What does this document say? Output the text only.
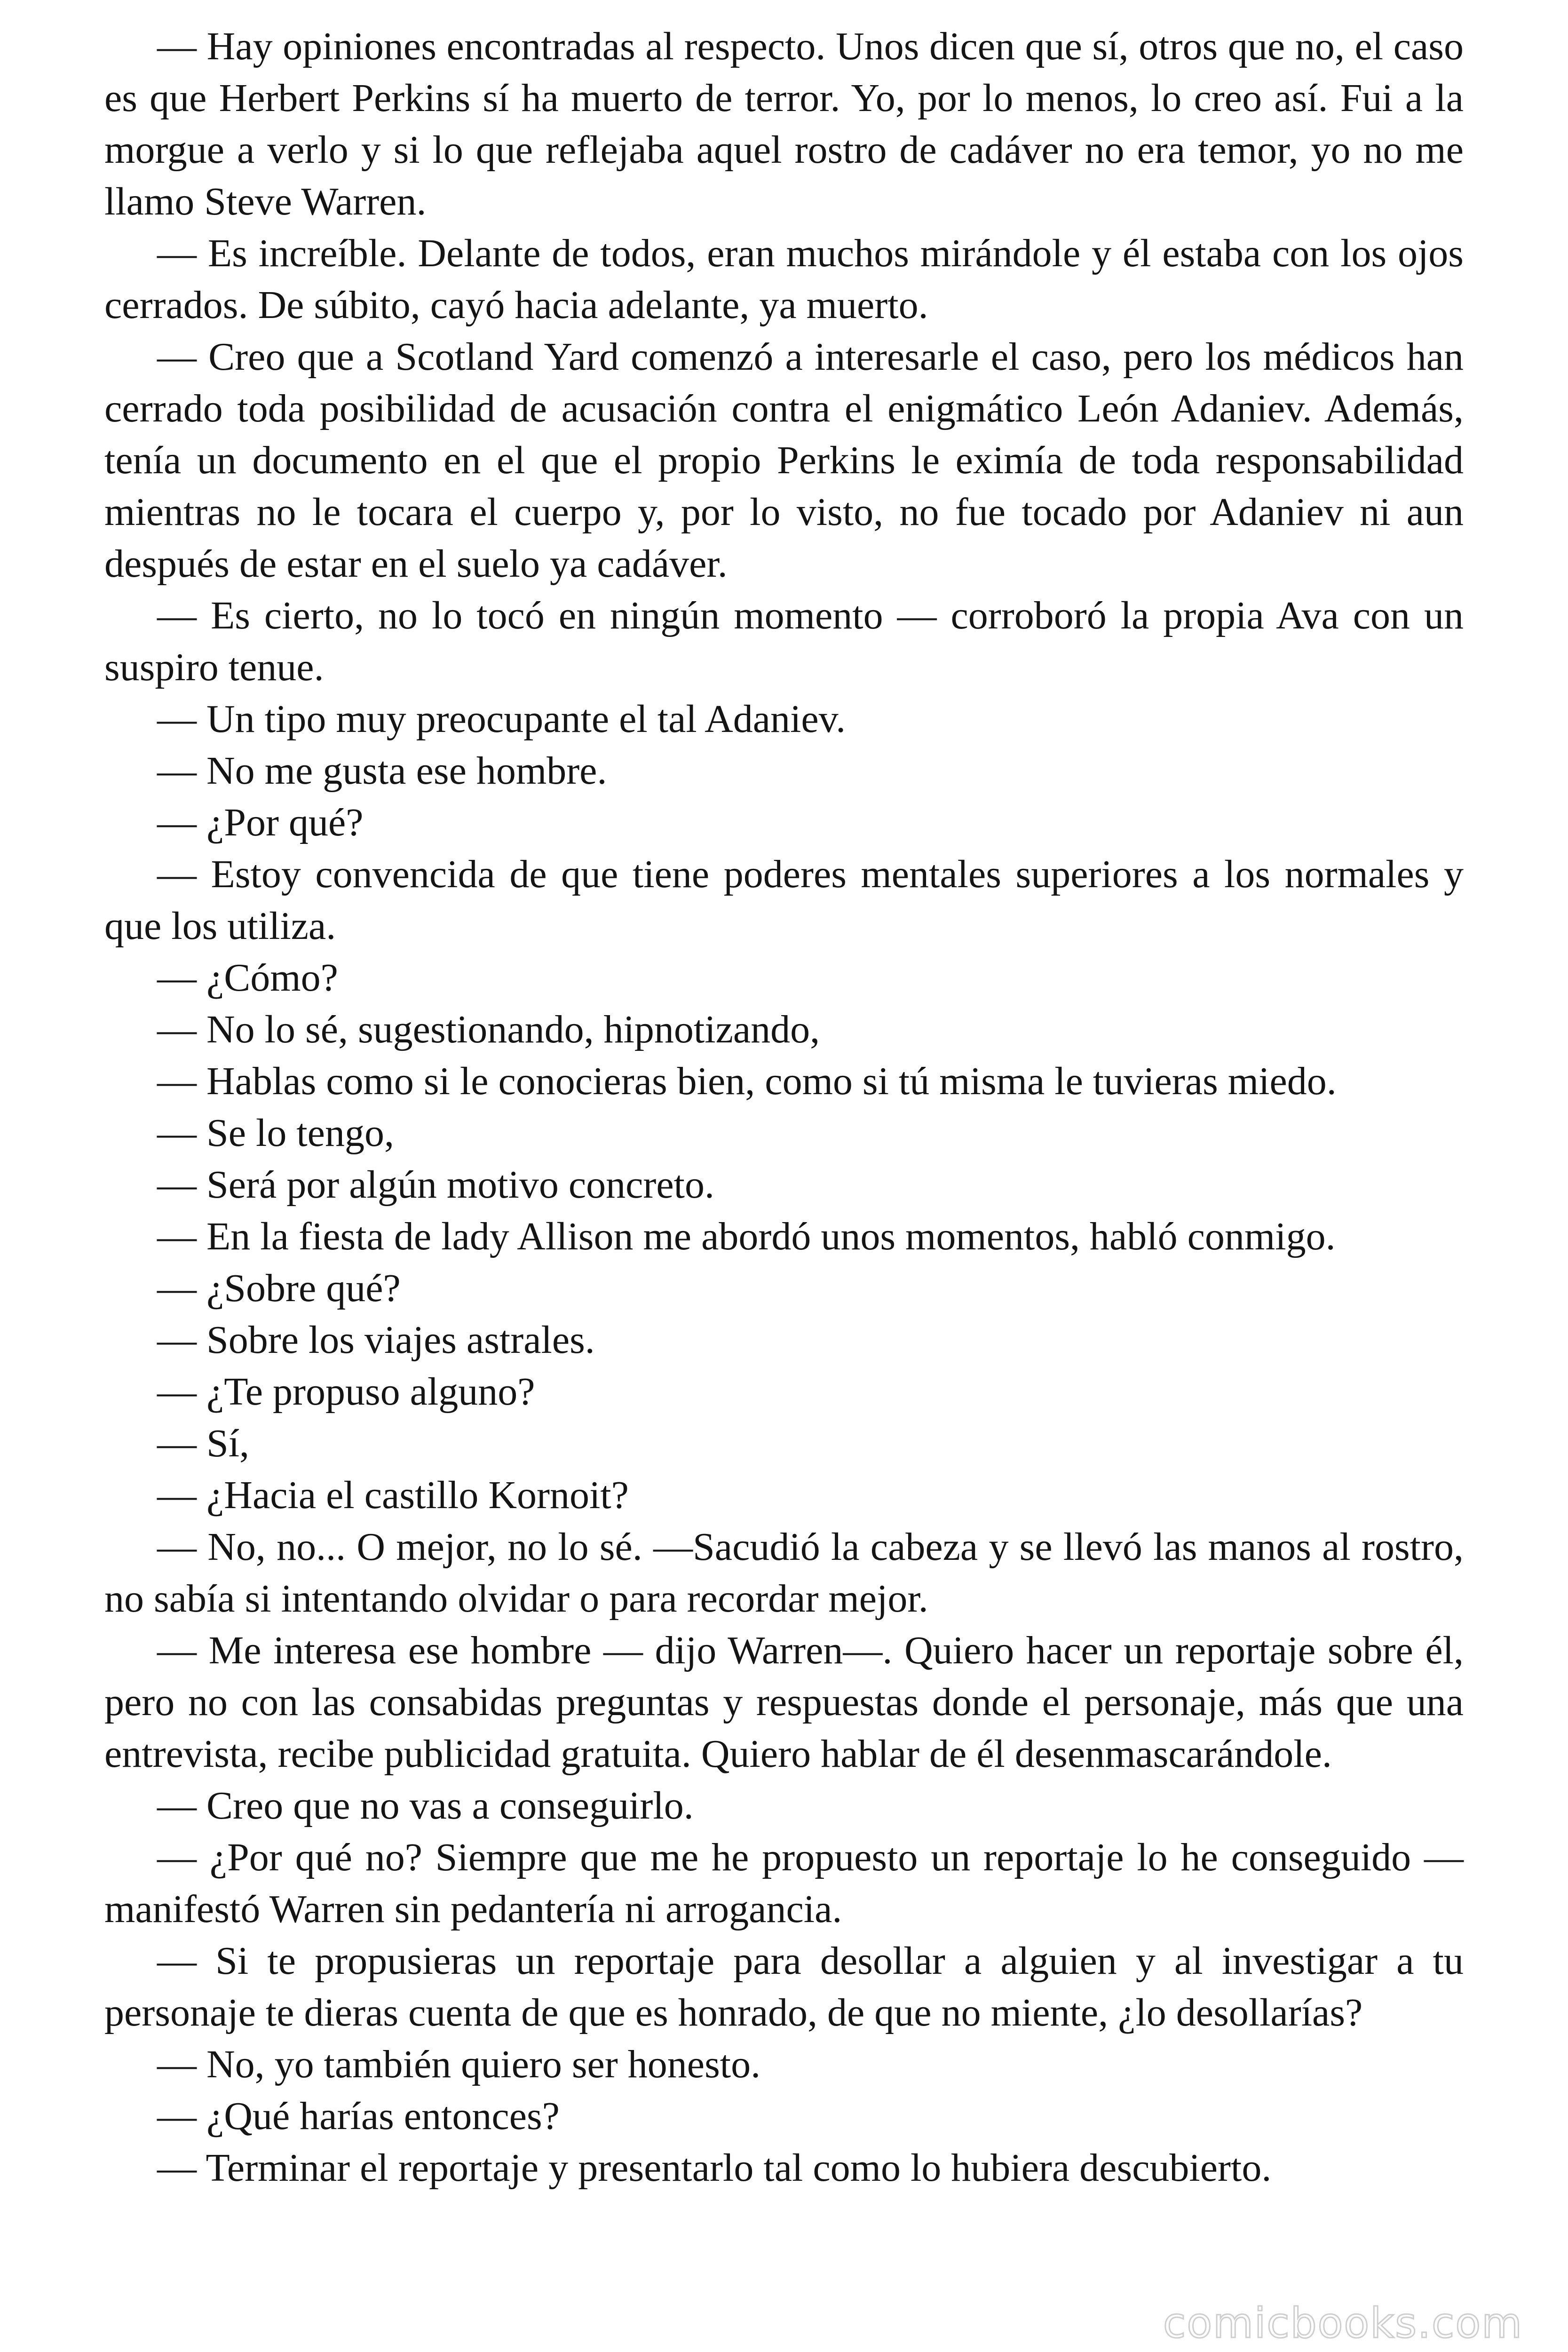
— Hay opiniones encontradas al respecto. Unos dicen que sí, otros que no, el caso es que Herbert Perkins sí ha muerto de terror. Yo, por lo menos, lo creo así. Fui a la morgue a verlo y si lo que reflejaba aquel rostro de cadáver no era temor, yo no me llamo Steve Warren.

— Es increíble. Delante de todos, eran muchos mirándole y él estaba con los ojos cerrados. De súbito, cayó hacia adelante, ya muerto.

— Creo que a Scotland Yard comenzó a interesarle el caso, pero los médicos han cerrado toda posibilidad de acusación contra el enigmático León Adaniev. Además, tenía un documento en el que el propio Perkins le eximía de toda responsabilidad mientras no le tocara el cuerpo y, por lo visto, no fue tocado por Adaniev ni aun después de estar en el suelo ya cadáver.

— Es cierto, no lo tocó en ningún momento — corroboró la propia Ava con un suspiro tenue.

— Un tipo muy preocupante el tal Adaniev.

— No me gusta ese hombre.

— ¿Por qué?

— Estoy convencida de que tiene poderes mentales superiores a los normales y que los utiliza.

— ¿Cómo?

— No lo sé, sugestionando, hipnotizando,

— Hablas como si le conocieras bien, como si tú misma le tuvieras miedo.

— Se lo tengo,

— Será por algún motivo concreto.

— En la fiesta de lady Allison me abordó unos momentos, habló conmigo.

— ¿Sobre qué?

— Sobre los viajes astrales.

— ¿Te propuso alguno?

— Sí,

— ¿Hacia el castillo Kornoit?

— No, no... O mejor, no lo sé. —Sacudió la cabeza y se llevó las manos al rostro, no sabía si intentando olvidar o para recordar mejor.

— Me interesa ese hombre — dijo Warren—. Quiero hacer un reportaje sobre él, pero no con las consabidas preguntas y respuestas donde el personaje, más que una entrevista, recibe publicidad gratuita. Quiero hablar de él desenmascarándole.

— Creo que no vas a conseguirlo.

— ¿Por qué no? Siempre que me he propuesto un reportaje lo he conseguido — manifestó Warren sin pedantería ni arrogancia.

— Si te propusieras un reportaje para desollar a alguien y al investigar a tu personaje te dieras cuenta de que es honrado, de que no miente, ¿lo desollarías?

— No, yo también quiero ser honesto.

— ¿Qué harías entonces?

— Terminar el reportaje y presentarlo tal como lo hubiera descubierto.

comicbooks.com
